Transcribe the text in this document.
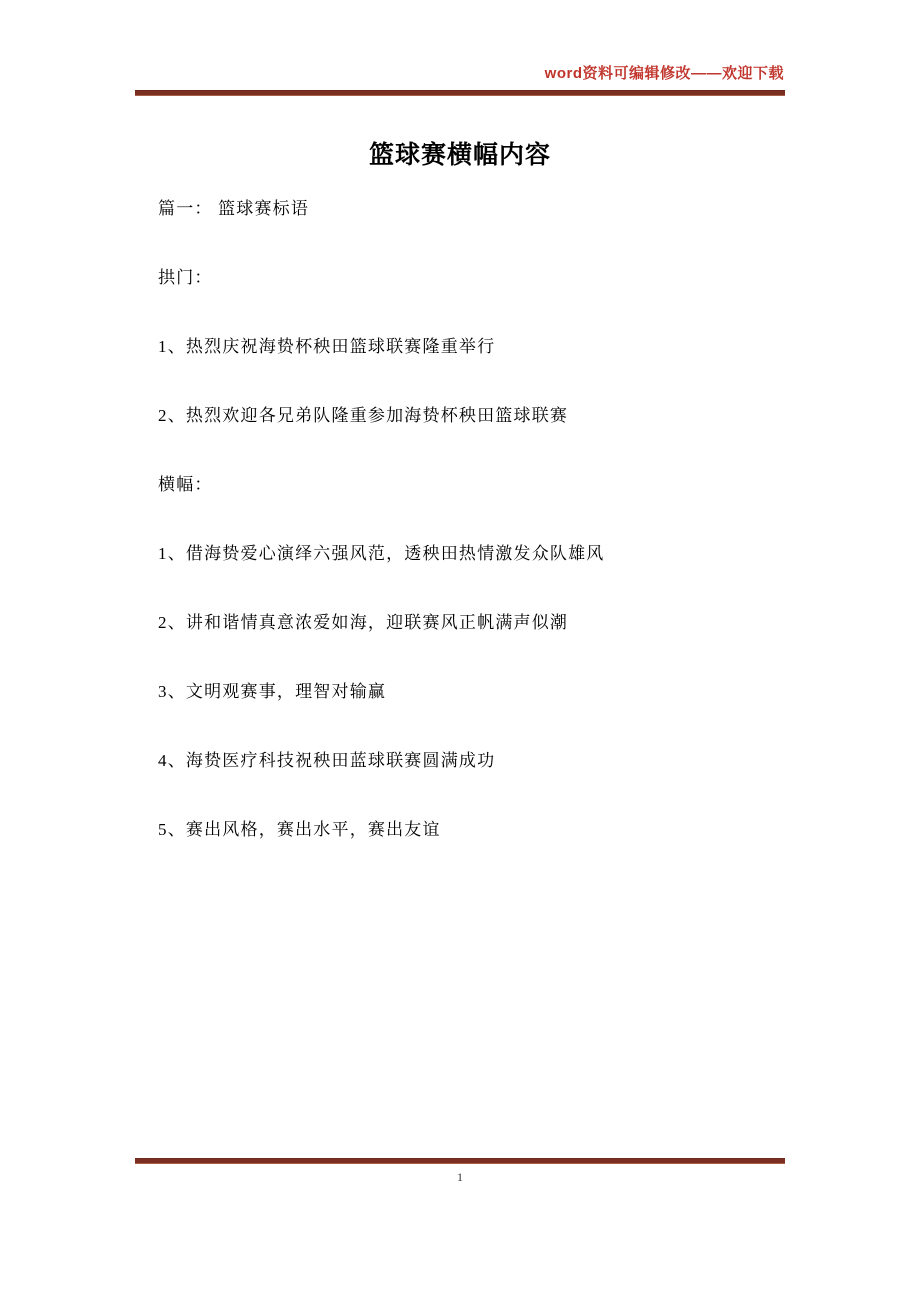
word资料可编辑修改——欢迎下载
篮球赛横幅内容

篇一： 篮球赛标语

拱门：

1、热烈庆祝海贽杯秧田篮球联赛隆重举行

2、热烈欢迎各兄弟队隆重参加海贽杯秧田篮球联赛

横幅：

1、借海贽爱心演绎六强风范，透秧田热情激发众队雄风

2、讲和谐情真意浓爱如海，迎联赛风正帆满声似潮

3、文明观赛事，理智对输赢

4、海贽医疗科技祝秧田蓝球联赛圆满成功

5、赛出风格，赛出水平，赛出友谊

1
